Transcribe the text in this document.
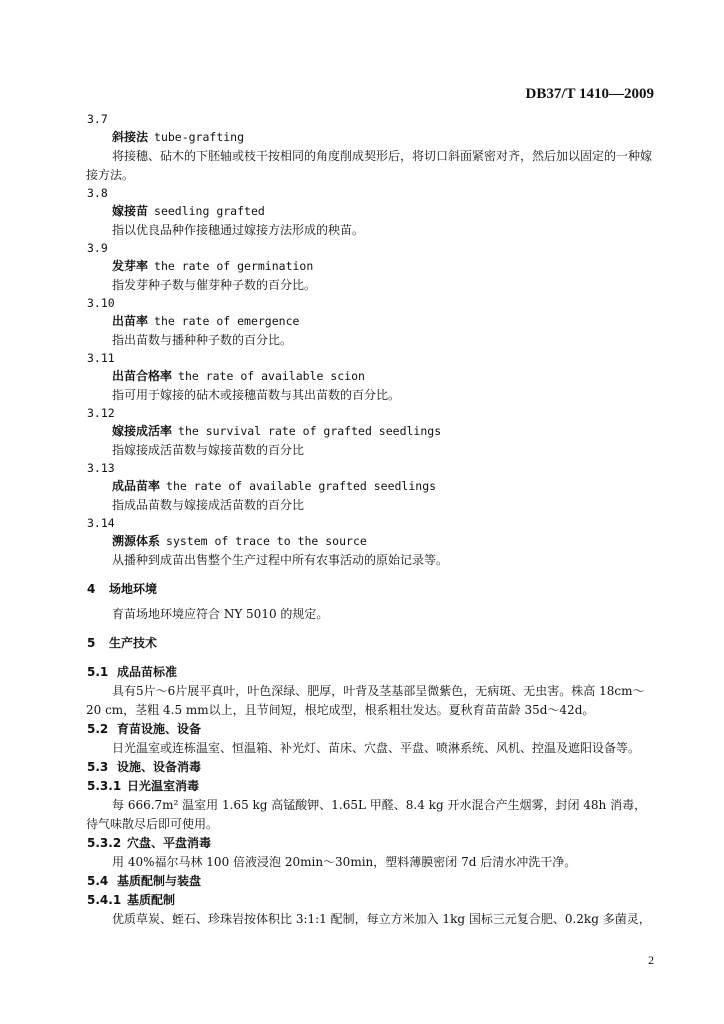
DB37/T 1410—2009
3.7
斜接法 tube-grafting
将接穗、砧木的下胚轴或枝干按相同的角度削成契形后，将切口斜面紧密对齐，然后加以固定的一种嫁接方法。
3.8
嫁接苗 seedling grafted
指以优良品种作接穗通过嫁接方法形成的秧苗。
3.9
发芽率 the rate of germination
指发芽种子数与催芽种子数的百分比。
3.10
出苗率 the rate of emergence
指出苗数与播种种子数的百分比。
3.11
出苗合格率 the rate of available scion
指可用于嫁接的砧木或接穗苗数与其出苗数的百分比。
3.12
嫁接成活率 the survival rate of grafted seedlings
指嫁接成活苗数与嫁接苗数的百分比
3.13
成品苗率 the rate of available grafted seedlings
指成品苗数与嫁接成活苗数的百分比
3.14
溯源体系 system of trace to the source
从播种到成苗出售整个生产过程中所有农事活动的原始记录等。
4 场地环境
育苗场地环境应符合 NY 5010 的规定。
5 生产技术
5.1 成品苗标准
具有5片～6片展平真叶，叶色深绿、肥厚，叶背及茎基部呈微紫色，无病斑、无虫害。株高 18cm～20 cm，茎粗 4.5 mm以上，且节间短，根坨成型，根系粗壮发达。夏秋育苗苗龄 35d～42d。
5.2 育苗设施、设备
日光温室或连栋温室、恒温箱、补光灯、苗床、穴盘、平盘、喷淋系统、风机、控温及遮阳设备等。
5.3 设施、设备消毒
5.3.1 日光温室消毒
每 666.7m² 温室用 1.65 kg 高锰酸钾、1.65L 甲醛、8.4 kg 开水混合产生烟雾，封闭 48h 消毒，待气味散尽后即可使用。
5.3.2 穴盘、平盘消毒
用 40%福尔马林 100 倍液浸泡 20min～30min，塑料薄膜密闭 7d 后清水冲洗干净。
5.4 基质配制与装盘
5.4.1 基质配制
优质草炭、蛭石、珍珠岩按体积比 3:1:1 配制，每立方米加入 1kg 国标三元复合肥、0.2kg 多菌灵，
2
